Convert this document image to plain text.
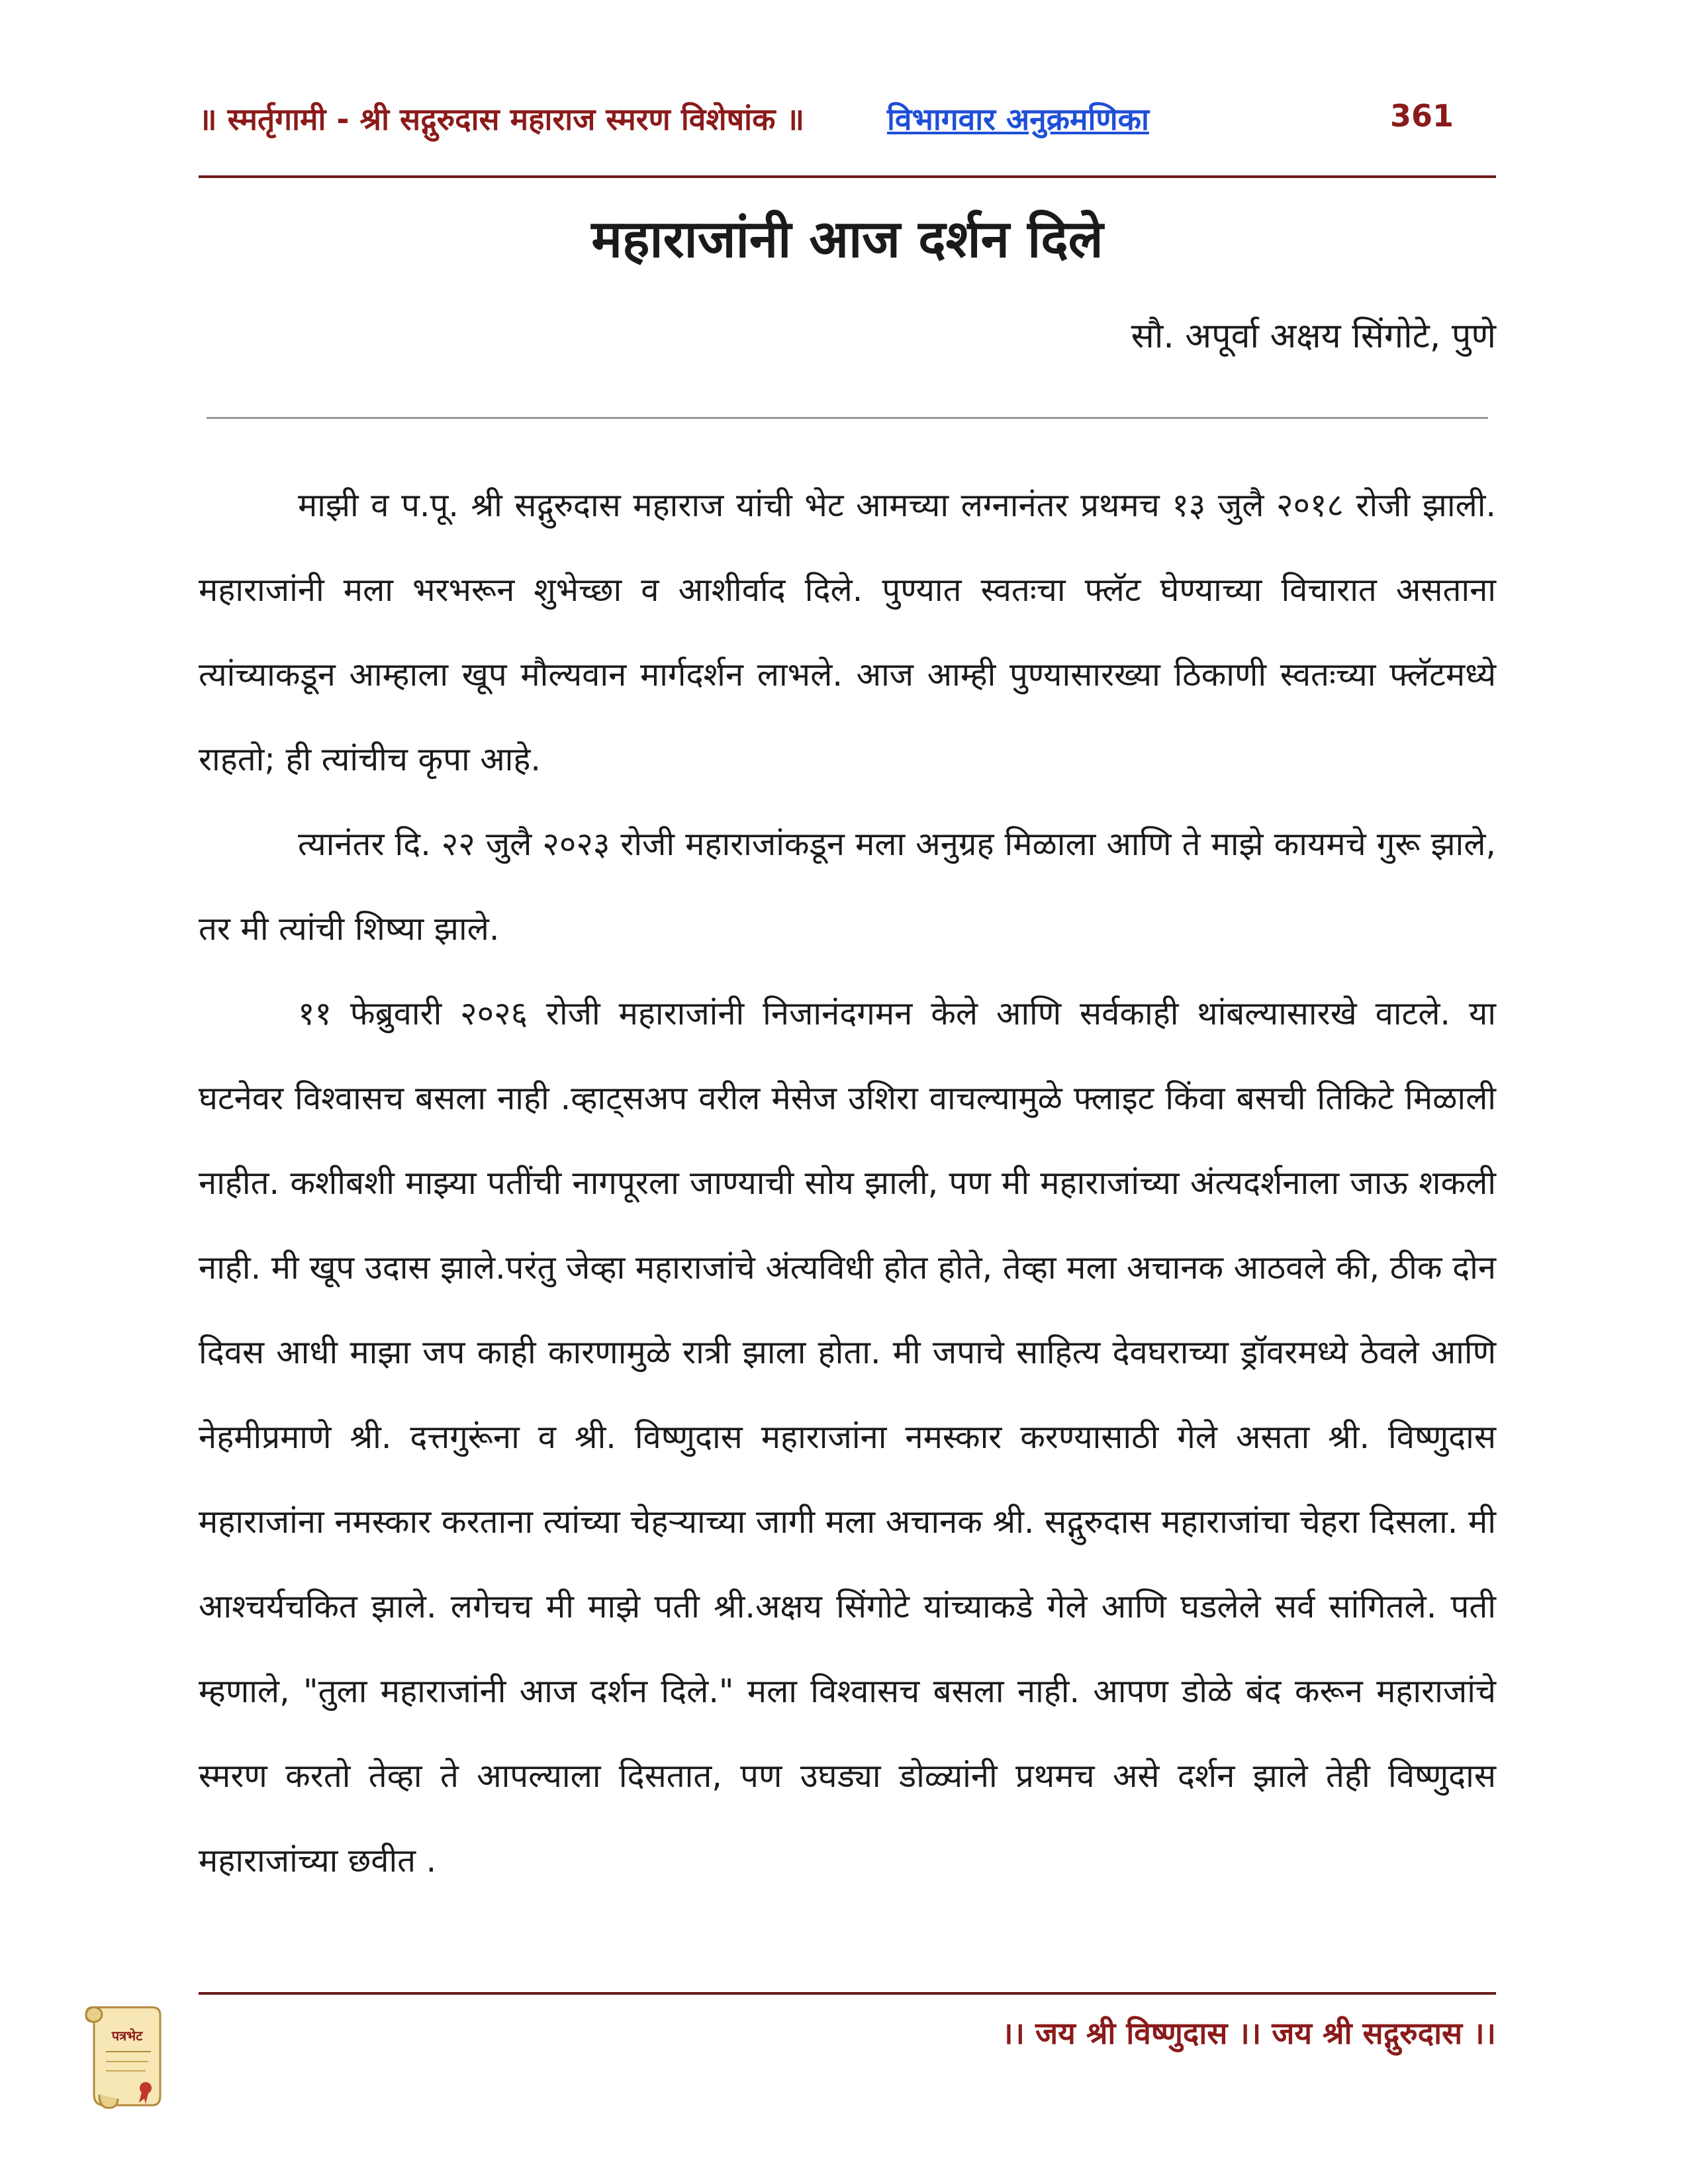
॥ स्मर्तृगामी - श्री सद्गुरुदास महाराज स्मरण विशेषांक ॥	विभागवार अनुक्रमणिका	361
महाराजांनी आज दर्शन दिले
सौ. अपूर्वा अक्षय सिंगोटे, पुणे

माझी व प.पू. श्री सद्गुरुदास महाराज यांची भेट आमच्या लग्नानंतर प्रथमच १३ जुलै २०१८ रोजी झाली. महाराजांनी मला भरभरून शुभेच्छा व आशीर्वाद दिले. पुण्यात स्वतःचा फ्लॅट घेण्याच्या विचारात असताना त्यांच्याकडून आम्हाला खूप मौल्यवान मार्गदर्शन लाभले. आज आम्ही पुण्यासारख्या ठिकाणी स्वतःच्या फ्लॅटमध्ये राहतो; ही त्यांचीच कृपा आहे.

त्यानंतर दि. २२ जुलै २०२३ रोजी महाराजांकडून मला अनुग्रह मिळाला आणि ते माझे कायमचे गुरू झाले, तर मी त्यांची शिष्या झाले.

११ फेब्रुवारी २०२६ रोजी महाराजांनी निजानंदगमन केले आणि सर्वकाही थांबल्यासारखे वाटले. या घटनेवर विश्वासच बसला नाही .व्हाट्सअप वरील मेसेज उशिरा वाचल्यामुळे फ्लाइट किंवा बसची तिकिटे मिळाली नाहीत. कशीबशी माझ्या पतींची नागपूरला जाण्याची सोय झाली, पण मी महाराजांच्या अंत्यदर्शनाला जाऊ शकली नाही. मी खूप उदास झाले.परंतु जेव्हा महाराजांचे अंत्यविधी होत होते, तेव्हा मला अचानक आठवले की, ठीक दोन दिवस आधी माझा जप काही कारणामुळे रात्री झाला होता. मी जपाचे साहित्य देवघराच्या ड्रॉवरमध्ये ठेवले आणि नेहमीप्रमाणे श्री. दत्तगुरूंना व श्री. विष्णुदास महाराजांना नमस्कार करण्यासाठी गेले असता श्री. विष्णुदास महाराजांना नमस्कार करताना त्यांच्या चेहऱ्याच्या जागी मला अचानक श्री. सद्गुरुदास महाराजांचा चेहरा दिसला. मी आश्चर्यचकित झाले. लगेचच मी माझे पती श्री.अक्षय सिंगोटे यांच्याकडे गेले आणि घडलेले सर्व सांगितले. पती म्हणाले, "तुला महाराजांनी आज दर्शन दिले." मला विश्वासच बसला नाही. आपण डोळे बंद करून महाराजांचे स्मरण करतो तेव्हा ते आपल्याला दिसतात, पण उघड्या डोळ्यांनी प्रथमच असे दर्शन झाले तेही विष्णुदास महाराजांच्या छवीत .

पत्रभेट	।। जय श्री विष्णुदास ।। जय श्री सद्गुरुदास ।।
